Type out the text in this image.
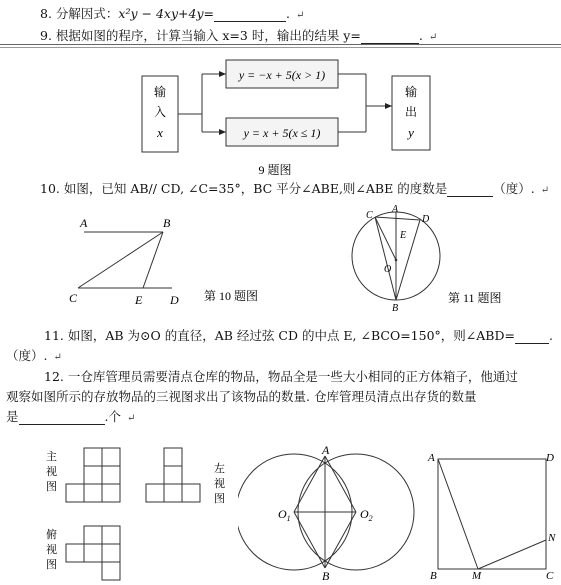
8. 分解因式：x²y − 4xy+4y=	. ↵
9. 根据如图的程序，计算当输入 x=3 时，输出的结果 y=	. ↵
输
入
x
y = −x + 5(x > 1)
y = x + 5(x ≤ 1)
输
出
y
9 题图
10. 如图，已知 AB// CD, ∠C=35°，BC 平分∠ABE,则∠ABE 的度数是	（度）. ↵
A	B
C	E D 第 10 题图
C
A
D
E
O
B
第 11 题图
11. 如图，AB 为⊙O 的直径，AB 经过弦 CD 的中点 E, ∠BCO=150°，则∠ABD=	.
（度）. ↵
12. 一仓库管理员需要清点仓库的物品，物品全是一些大小相同的正方体箱子，他通过
观察如图所示的存放物品的三视图求出了该物品的数量. 仓库管理员清点出存货的数量
是	.个 ↵
主
视
图
左
视
图
俯
视
图
A
$O_1$	$O_2$
B
A	D
N
B	M	C
